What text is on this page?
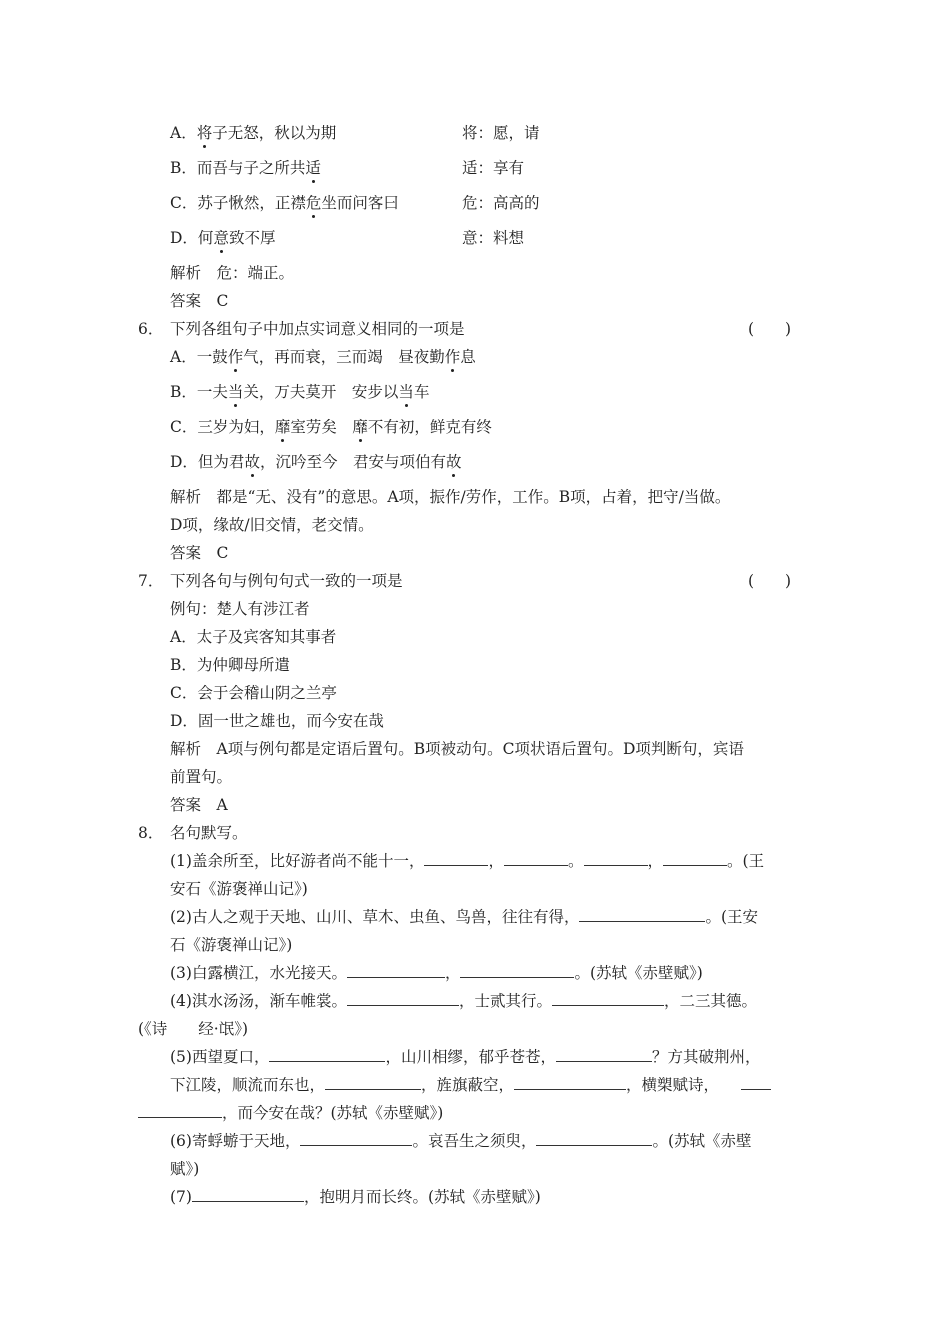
A．将子无怒，秋以为期	将：愿，请
B．而吾与子之所共适	适：享有
C．苏子愀然，正襟危坐而问客曰	危：高高的
D．何意致不厚	意：料想
解析　危：端正。
答案　C
6． 下列各组句子中加点实词意义相同的一项是	(　　)
A．一鼓作气，再而衰，三而竭　昼夜勤作息
B．一夫当关，万夫莫开　安步以当车
C．三岁为妇，靡室劳矣　靡不有初，鲜克有终
D．但为君故，沉吟至今　君安与项伯有故
解析　都是“无、没有”的意思。A项，振作/劳作，工作。B项，占着，把守/当做。
D项，缘故/旧交情，老交情。
答案　C
7． 下列各句与例句句式一致的一项是	(　　)
例句：楚人有涉江者
A．太子及宾客知其事者
B．为仲卿母所遣
C．会于会稽山阴之兰亭
D．固一世之雄也，而今安在哉
解析　A项与例句都是定语后置句。B项被动句。C项状语后置句。D项判断句，宾语
前置句。
答案　A
8． 名句默写。
(1)盖余所至，比好游者尚不能十一，	，	。	，	。(王
安石《游褒禅山记》)
(2)古人之观于天地、山川、草木、虫鱼、鸟兽，往往有得，	。(王安
石《游褒禅山记》)
(3)白露横江，水光接天。	，	。(苏轼《赤壁赋》)
(4)淇水汤汤，渐车帷裳。	，士贰其行。	，二三其德。
(《诗　　经·氓》)
(5)西望夏口，	，山川相缪，郁乎苍苍，	？方其破荆州，
下江陵，顺流而东也，	，旌旗蔽空，	，横槊赋诗，
，而今安在哉？(苏轼《赤壁赋》)
(6)寄蜉蝣于天地，	。哀吾生之须臾，	。(苏轼《赤壁
赋》)
(7)	，抱明月而长终。(苏轼《赤壁赋》)
